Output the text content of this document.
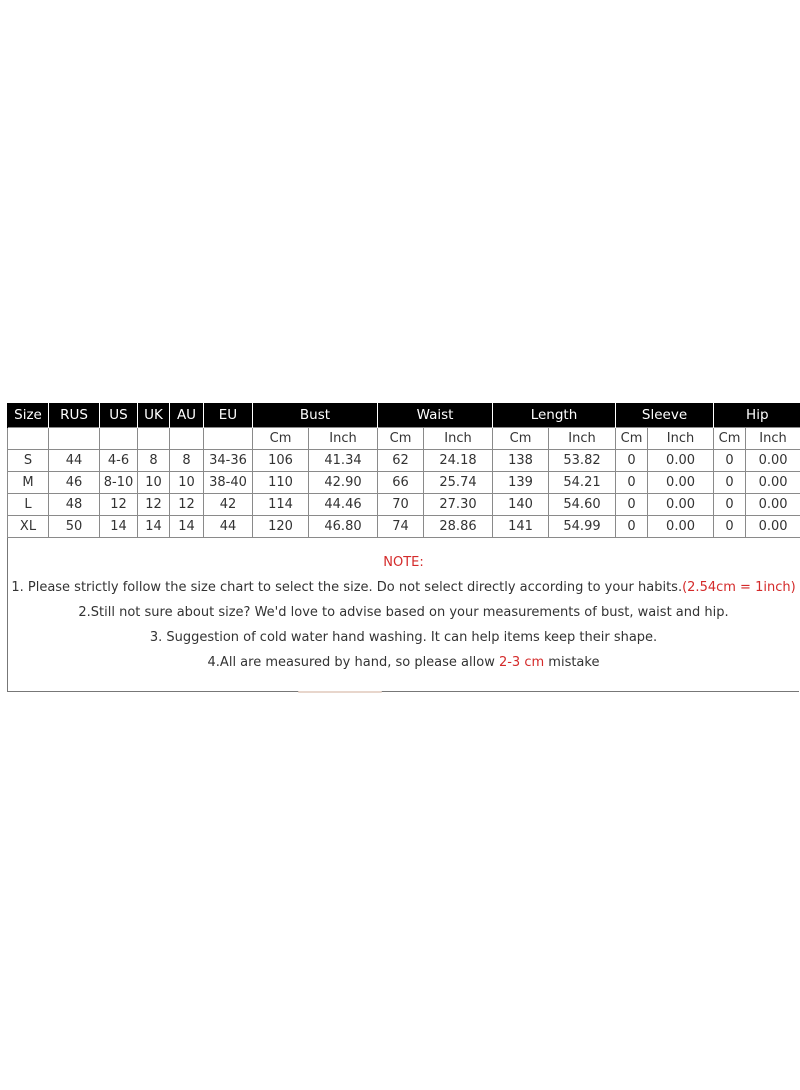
Size	RUS	US	UK	AU	EU	Bust		Waist		Length		Sleeve		Hip	
						Cm	Inch	Cm	Inch	Cm	Inch	Cm	Inch	Cm	Inch
S	44	4-6	8	8	34-36	106	41.34	62	24.18	138	53.82	0	0.00	0	0.00
M	46	8-10	10	10	38-40	110	42.90	66	25.74	139	54.21	0	0.00	0	0.00
L	48	12	12	12	42	114	44.46	70	27.30	140	54.60	0	0.00	0	0.00
XL	50	14	14	14	44	120	46.80	74	28.86	141	54.99	0	0.00	0	0.00
NOTE:
1. Please strictly follow the size chart to select the size. Do not select directly according to your habits.(2.54cm = 1inch)
2.Still not sure about size? We'd love to advise based on your measurements of bust, waist and hip.
3. Suggestion of cold water hand washing. It can help items keep their shape.
4.All are measured by hand, so please allow 2-3 cm mistake
